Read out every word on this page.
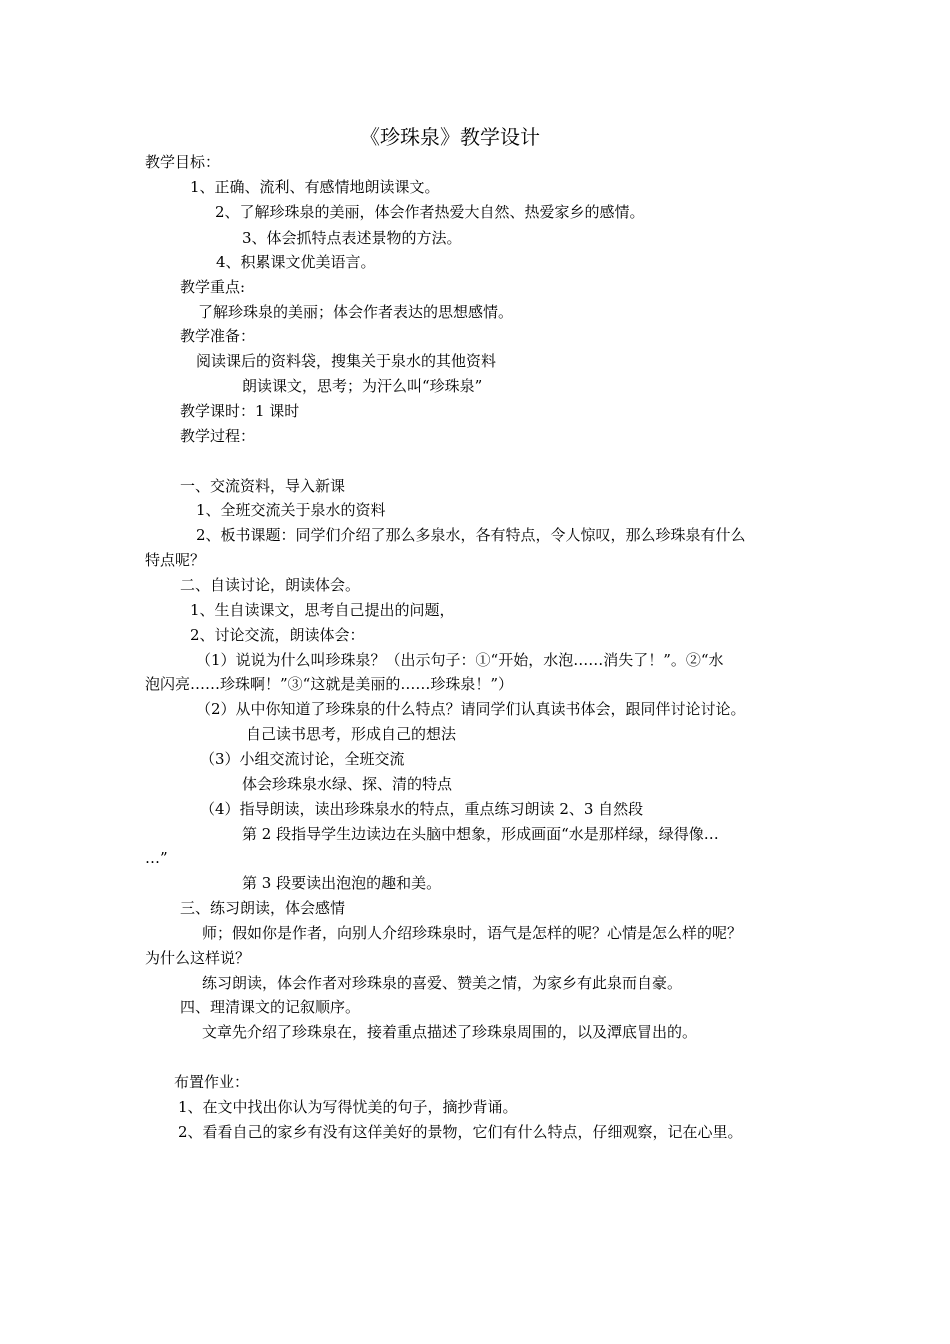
《珍珠泉》教学设计
教学目标：
1、正确、流利、有感情地朗读课文。
2、了解珍珠泉的美丽，体会作者热爱大自然、热爱家乡的感情。
3、体会抓特点表述景物的方法。
4、积累课文优美语言。
教学重点:
了解珍珠泉的美丽；体会作者表达的思想感情。
教学准备：
阅读课后的资料袋，搜集关于泉水的其他资料
朗读课文，思考；为汗么叫“珍珠泉”
教学课时：1 课时
教学过程：
一、交流资料，导入新课
1、全班交流关于泉水的资料
2、板书课题：同学们介绍了那么多泉水，各有特点，令人惊叹，那么珍珠泉有什么
特点呢？
二、自读讨论，朗读体会。
1、生自读课文，思考自己提出的问题，
2、讨论交流，朗读体会：
（1）说说为什么叫珍珠泉？（出示句子：①“开始，水泡……消失了！”。②“水
泡闪亮……珍珠啊！”③“这就是美丽的……珍珠泉！”）
（2）从中你知道了珍珠泉的什么特点？请同学们认真读书体会，跟同伴讨论讨论。
自己读书思考，形成自己的想法
（3）小组交流讨论，全班交流
体会珍珠泉水绿、探、清的特点
（4）指导朗读，读出珍珠泉水的特点，重点练习朗读 2、3 自然段
第 2 段指导学生边读边在头脑中想象，形成画面“水是那样绿，绿得像…
…”
第 3 段要读出泡泡的趣和美。
三、练习朗读，体会感情
师；假如你是作者，向别人介绍珍珠泉时，语气是怎样的呢？心情是怎么样的呢？
为什么这样说？
练习朗读，体会作者对珍珠泉的喜爱、赞美之情，为家乡有此泉而自豪。
四、理清课文的记叙顺序。
文章先介绍了珍珠泉在，接着重点描述了珍珠泉周围的，以及潭底冒出的。
布置作业：
1、在文中找出你认为写得忧美的句子，摘抄背诵。
2、看看自己的家乡有没有这佯美好的景物，它们有什么特点，仔细观察，记在心里。
